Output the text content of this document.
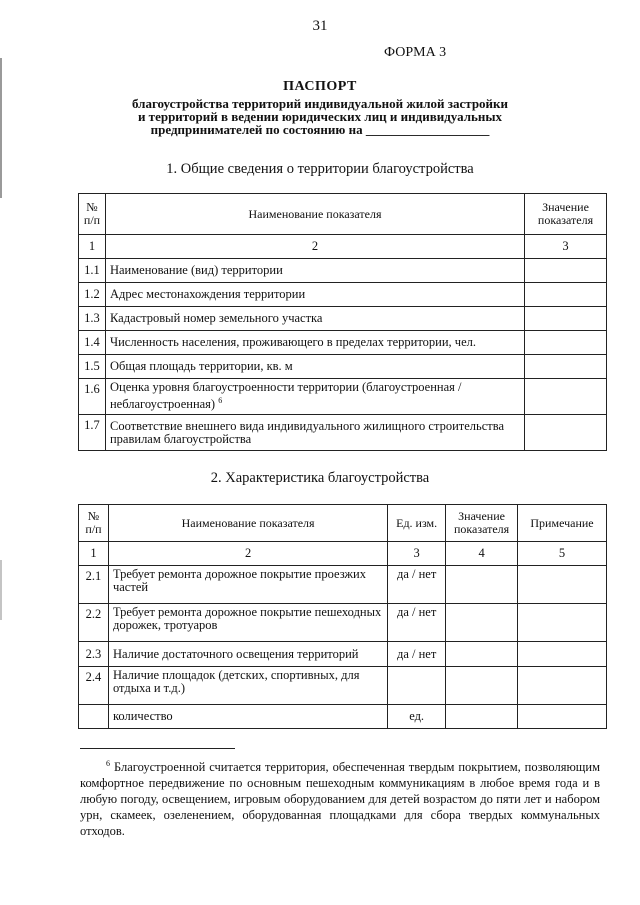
31
ФОРМА 3
ПАСПОРТ
благоустройства территорий индивидуальной жилой застройки
и территорий в ведении юридических лиц и индивидуальных
предпринимателей по состоянию на ___________________
1. Общие сведения о территории благоустройства
№ п/п	Наименование показателя	Значение показателя
1	2	3
1.1	Наименование (вид) территории	
1.2	Адрес местонахождения территории	
1.3	Кадастровый номер земельного участка	
1.4	Численность населения, проживающего в пределах территории, чел.	
1.5	Общая площадь территории, кв. м	
1.6	Оценка уровня благоустроенности территории (благоустроенная / неблагоустроенная) $^6$	
1.7	Соответствие внешнего вида индивидуального жилищного строительства правилам благоустройства	
2. Характеристика благоустройства
№ п/п	Наименование показателя	Ед. изм.	Значение показателя	Примечание
1	2	3	4	5
2.1	Требует ремонта дорожное покрытие проезжих частей	да / нет		
2.2	Требует ремонта дорожное покрытие пешеходных дорожек, тротуаров	да / нет		
2.3	Наличие достаточного освещения территорий	да / нет		
2.4	Наличие площадок (детских, спортивных, для отдыха и т.д.)			
	количество	ед.		
$^6$ Благоустроенной считается территория, обеспеченная твердым покрытием, позволяющим комфортное передвижение по основным пешеходным коммуникациям в любое время года и в любую погоду, освещением, игровым оборудованием для детей возрастом до пяти лет и набором урн, скамеек, озеленением, оборудованная площадками для сбора твердых коммунальных отходов.
